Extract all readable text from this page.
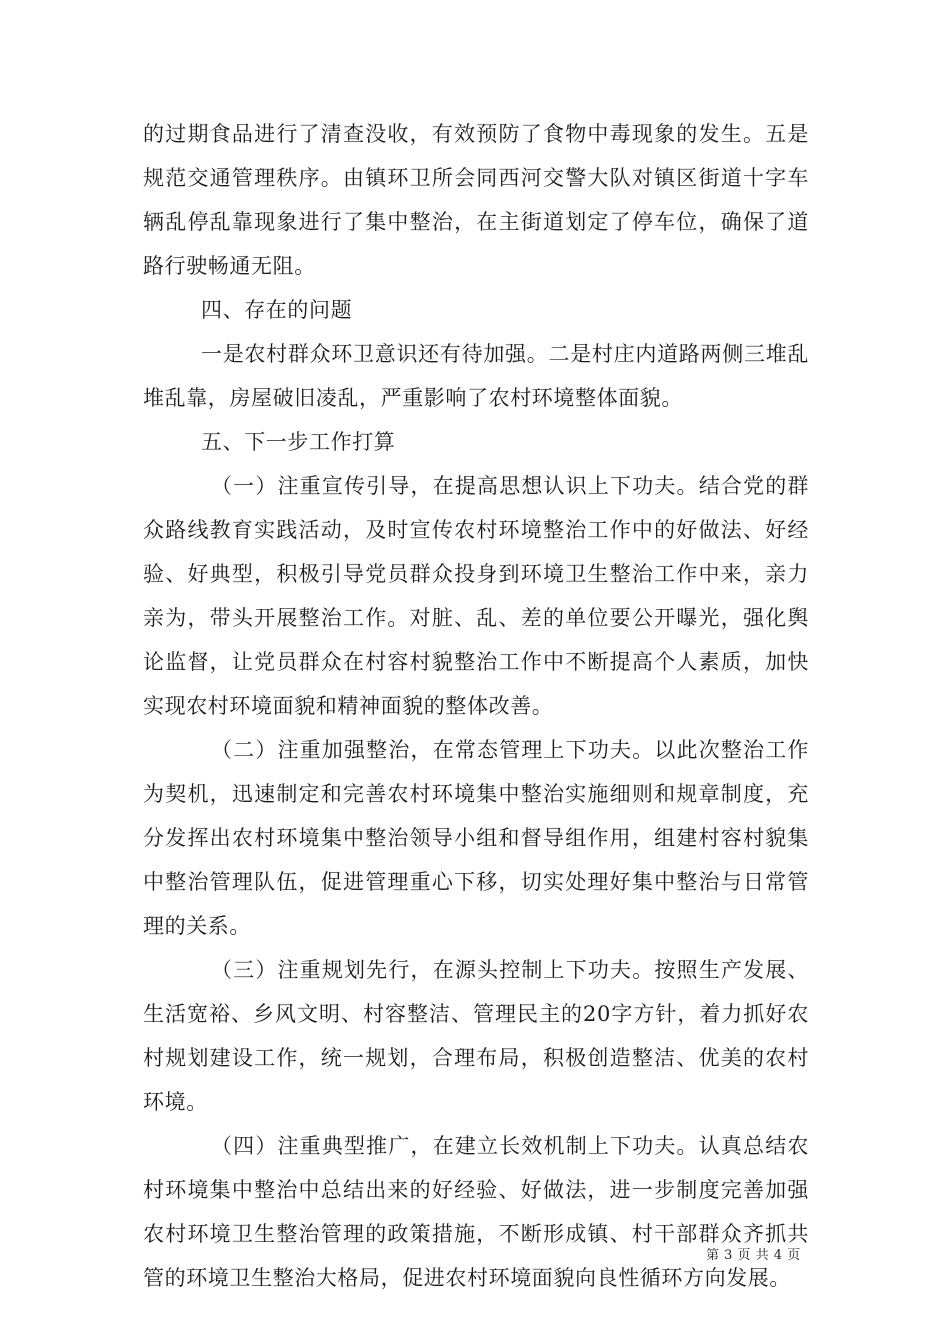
的过期食品进行了清查没收，有效预防了食物中毒现象的发生。五是规范交通管理秩序。由镇环卫所会同西河交警大队对镇区街道十字车辆乱停乱靠现象进行了集中整治，在主街道划定了停车位，确保了道路行驶畅通无阻。

四、存在的问题

一是农村群众环卫意识还有待加强。二是村庄内道路两侧三堆乱堆乱靠，房屋破旧凌乱，严重影响了农村环境整体面貌。

五、下一步工作打算

（一）注重宣传引导，在提高思想认识上下功夫。结合党的群众路线教育实践活动，及时宣传农村环境整治工作中的好做法、好经验、好典型，积极引导党员群众投身到环境卫生整治工作中来，亲力亲为，带头开展整治工作。对脏、乱、差的单位要公开曝光，强化舆论监督，让党员群众在村容村貌整治工作中不断提高个人素质，加快实现农村环境面貌和精神面貌的整体改善。

（二）注重加强整治，在常态管理上下功夫。以此次整治工作为契机，迅速制定和完善农村环境集中整治实施细则和规章制度，充分发挥出农村环境集中整治领导小组和督导组作用，组建村容村貌集中整治管理队伍，促进管理重心下移，切实处理好集中整治与日常管理的关系。

（三）注重规划先行，在源头控制上下功夫。按照生产发展、生活宽裕、乡风文明、村容整洁、管理民主的20字方针，着力抓好农村规划建设工作，统一规划，合理布局，积极创造整洁、优美的农村环境。

（四）注重典型推广，在建立长效机制上下功夫。认真总结农村环境集中整治中总结出来的好经验、好做法，进一步制度完善加强农村环境卫生整治管理的政策措施，不断形成镇、村干部群众齐抓共管的环境卫生整治大格局，促进农村环境面貌向良性循环方向发展。

第 3 页 共 4 页
